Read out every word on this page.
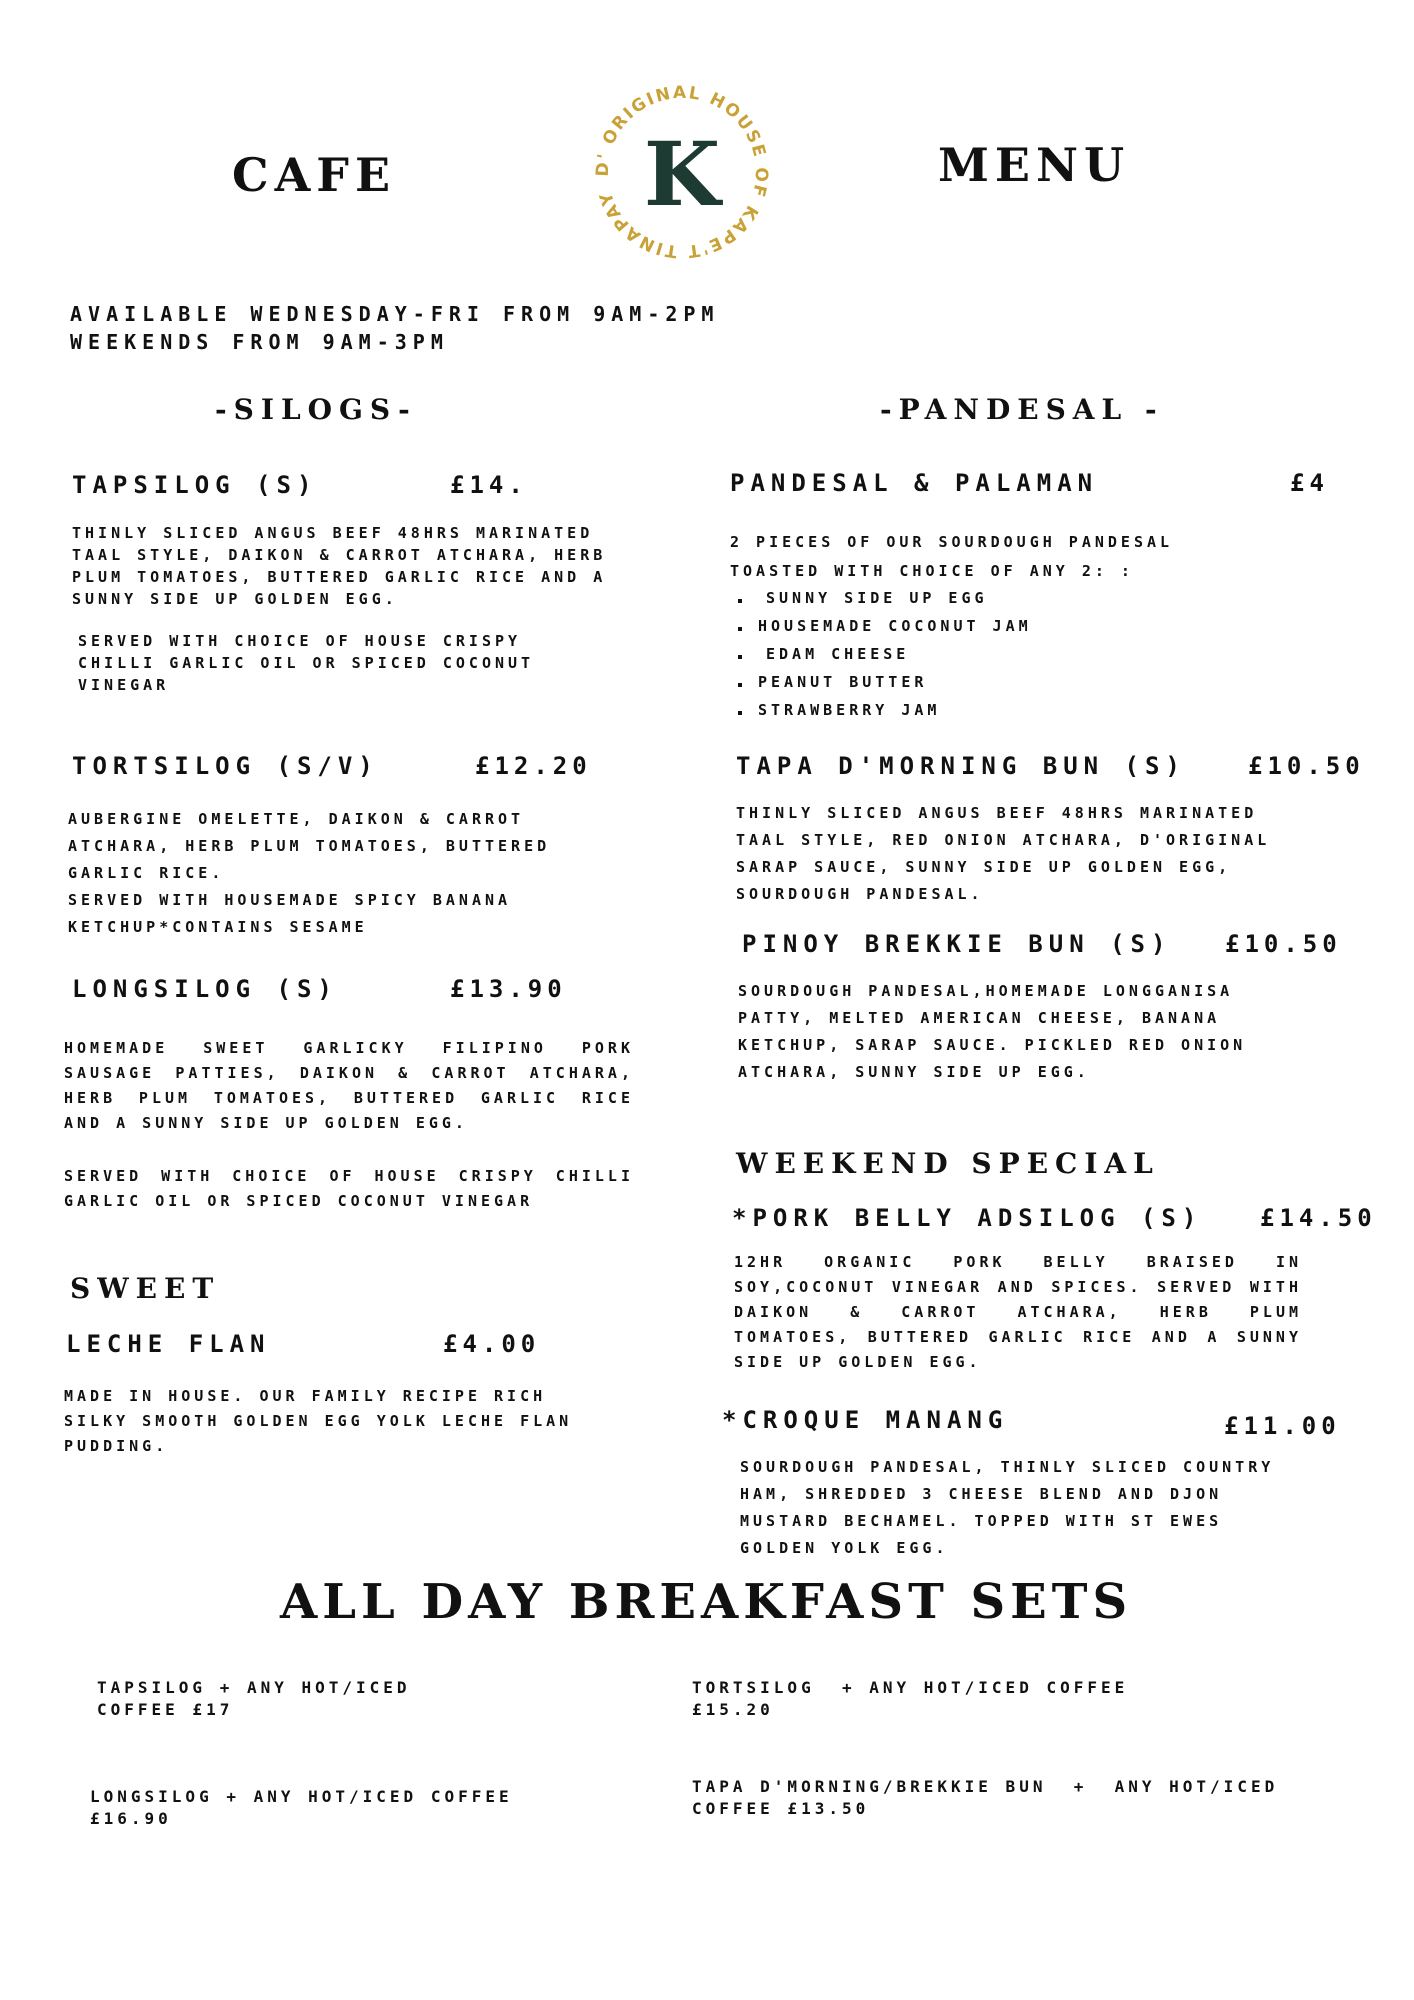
CAFE	MENU
D' ORIGINAL HOUSE OF KAPE'T TINAPAY K
AVAILABLE WEDNESDAY-FRI FROM 9AM-2PM
WEEKENDS FROM 9AM-3PM
-SILOGS-	-PANDESAL -
TAPSILOG (S)	£14.

THINLY SLICED ANGUS BEEF 48HRS MARINATED TAAL STYLE, DAIKON & CARROT ATCHARA, HERB PLUM TOMATOES, BUTTERED GARLIC RICE AND A SUNNY SIDE UP GOLDEN EGG.

SERVED WITH CHOICE OF HOUSE CRISPY CHILLI GARLIC OIL OR SPICED COCONUT VINEGAR

TORTSILOG (S/V)	£12.20

AUBERGINE OMELETTE, DAIKON & CARROT ATCHARA, HERB PLUM TOMATOES, BUTTERED GARLIC RICE.

SERVED WITH HOUSEMADE SPICY BANANA KETCHUP*CONTAINS SESAME

LONGSILOG (S)	£13.90

HOMEMADE SWEET GARLICKY FILIPINO PORK SAUSAGE PATTIES, DAIKON & CARROT ATCHARA, HERB PLUM TOMATOES, BUTTERED GARLIC RICE AND A SUNNY SIDE UP GOLDEN EGG.

SERVED WITH CHOICE OF HOUSE CRISPY CHILLI GARLIC OIL OR SPICED COCONUT VINEGAR

SWEET
LECHE FLAN	£4.00
MADE IN HOUSE. OUR FAMILY RECIPE RICH SILKY SMOOTH GOLDEN EGG YOLK LECHE FLAN PUDDING.
PANDESAL & PALAMAN	£4
2 PIECES OF OUR SOURDOUGH PANDESAL TOASTED WITH CHOICE OF ANY 2: :
SUNNY SIDE UP EGG
HOUSEMADE COCONUT JAM
EDAM CHEESE
PEANUT BUTTER
STRAWBERRY JAM
TAPA D'MORNING BUN (S)	£10.50
THINLY SLICED ANGUS BEEF 48HRS MARINATED TAAL STYLE, RED ONION ATCHARA, D'ORIGINAL SARAP SAUCE, SUNNY SIDE UP GOLDEN EGG, SOURDOUGH PANDESAL.
PINOY BREKKIE BUN (S) £10.50
SOURDOUGH PANDESAL,HOMEMADE LONGGANISA PATTY, MELTED AMERICAN CHEESE, BANANA KETCHUP, SARAP SAUCE. PICKLED RED ONION ATCHARA, SUNNY SIDE UP EGG.
WEEKEND SPECIAL
*PORK BELLY ADSILOG (S) £14.50
12HR ORGANIC PORK BELLY BRAISED IN SOY,COCONUT VINEGAR AND SPICES. SERVED WITH DAIKON & CARROT ATCHARA, HERB PLUM TOMATOES, BUTTERED GARLIC RICE AND A SUNNY SIDE UP GOLDEN EGG.
*CROQUE MANANG	£11.00
SOURDOUGH PANDESAL, THINLY SLICED COUNTRY HAM, SHREDDED 3 CHEESE BLEND AND DJON MUSTARD BECHAMEL. TOPPED WITH ST EWES GOLDEN YOLK EGG.
ALL DAY BREAKFAST SETS
TAPSILOG + ANY HOT/ICED
COFFEE £17
TORTSILOG  + ANY HOT/ICED COFFEE
£15.20
LONGSILOG + ANY HOT/ICED COFFEE
£16.90
TAPA D'MORNING/BREKKIE BUN  +  ANY HOT/ICED
COFFEE £13.50
